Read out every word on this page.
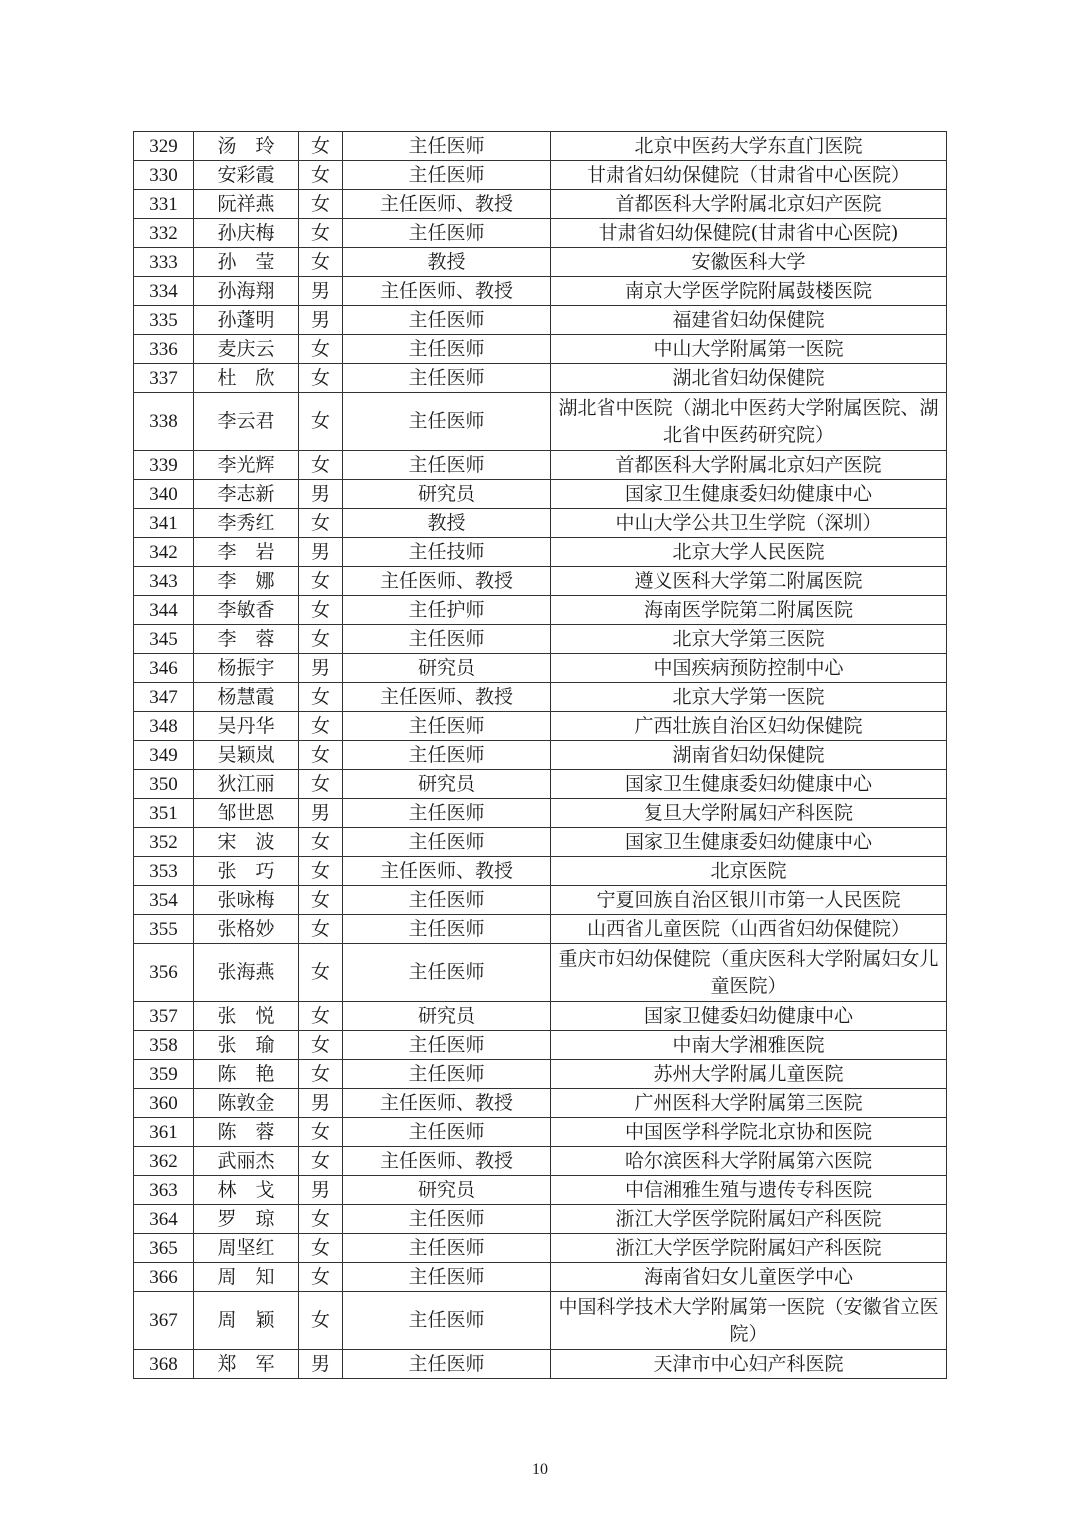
329	汤　玲	女	主任医师	北京中医药大学东直门医院
330	安彩霞	女	主任医师	甘肃省妇幼保健院（甘肃省中心医院）
331	阮祥燕	女	主任医师、教授	首都医科大学附属北京妇产医院
332	孙庆梅	女	主任医师	甘肃省妇幼保健院(甘肃省中心医院)
333	孙　莹	女	教授	安徽医科大学
334	孙海翔	男	主任医师、教授	南京大学医学院附属鼓楼医院
335	孙蓬明	男	主任医师	福建省妇幼保健院
336	麦庆云	女	主任医师	中山大学附属第一医院
337	杜　欣	女	主任医师	湖北省妇幼保健院
338	李云君	女	主任医师	湖北省中医院（湖北中医药大学附属医院、湖北省中医药研究院）
339	李光辉	女	主任医师	首都医科大学附属北京妇产医院
340	李志新	男	研究员	国家卫生健康委妇幼健康中心
341	李秀红	女	教授	中山大学公共卫生学院（深圳）
342	李　岩	男	主任技师	北京大学人民医院
343	李　娜	女	主任医师、教授	遵义医科大学第二附属医院
344	李敏香	女	主任护师	海南医学院第二附属医院
345	李　蓉	女	主任医师	北京大学第三医院
346	杨振宇	男	研究员	中国疾病预防控制中心
347	杨慧霞	女	主任医师、教授	北京大学第一医院
348	吴丹华	女	主任医师	广西壮族自治区妇幼保健院
349	吴颖岚	女	主任医师	湖南省妇幼保健院
350	狄江丽	女	研究员	国家卫生健康委妇幼健康中心
351	邹世恩	男	主任医师	复旦大学附属妇产科医院
352	宋　波	女	主任医师	国家卫生健康委妇幼健康中心
353	张　巧	女	主任医师、教授	北京医院
354	张咏梅	女	主任医师	宁夏回族自治区银川市第一人民医院
355	张格妙	女	主任医师	山西省儿童医院（山西省妇幼保健院）
356	张海燕	女	主任医师	重庆市妇幼保健院（重庆医科大学附属妇女儿童医院）
357	张　悦	女	研究员	国家卫健委妇幼健康中心
358	张　瑜	女	主任医师	中南大学湘雅医院
359	陈　艳	女	主任医师	苏州大学附属儿童医院
360	陈敦金	男	主任医师、教授	广州医科大学附属第三医院
361	陈　蓉	女	主任医师	中国医学科学院北京协和医院
362	武丽杰	女	主任医师、教授	哈尔滨医科大学附属第六医院
363	林　戈	男	研究员	中信湘雅生殖与遗传专科医院
364	罗　琼	女	主任医师	浙江大学医学院附属妇产科医院
365	周坚红	女	主任医师	浙江大学医学院附属妇产科医院
366	周　知	女	主任医师	海南省妇女儿童医学中心
367	周　颖	女	主任医师	中国科学技术大学附属第一医院（安徽省立医院）
368	郑　军	男	主任医师	天津市中心妇产科医院
10
